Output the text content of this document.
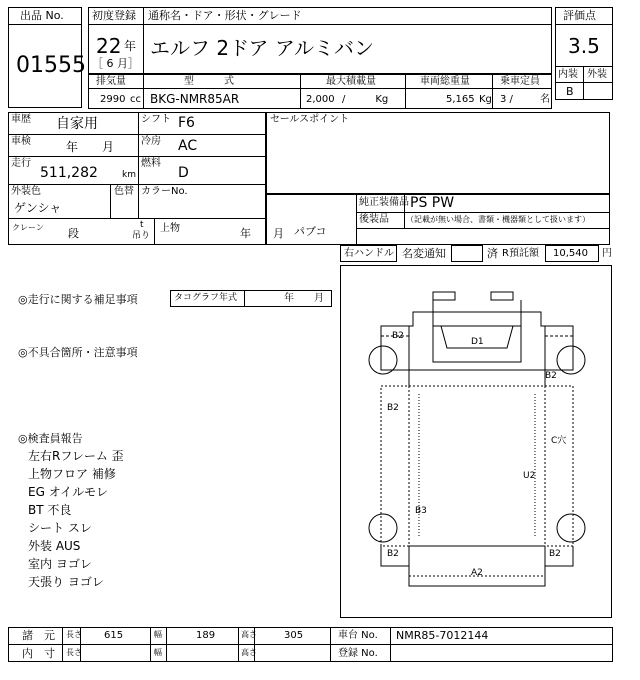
出品 No.
01555
初度登録 通称名・ドア・形状・グレード
22 年
［ 6 月］
エルフ 2ドア アルミバン
評価点
3.5
内装 外装
B
排気量	型　　　式	最大積載量	車両総重量	乗車定員
2990 cc BKG-NMR85AR	2,000 /　　　Kg	5,165 Kg 3 /	名
車歴 自家用	シフト F6
車検	年　　月	冷房 AC
走行
511,282	km
燃料
D
外装色
ゲンシャ
色替 カラーNo.
クレーン 段
t
吊り
上物	年　　月
セールスポイント
パブコ
純正装備品 PS PW
後装品 （記載が無い場合、書類・機器類として扱います）
右ハンドル 名変通知	済 R預託額 10,540 円
◎走行に関する補足事項	タコグラフ年式	年　　月
◎不具合箇所・注意事項
◎検査員報告
左右Rフレーム 歪
上物フロア 補修
EG オイルモレ
BT 不良
シート スレ
外装 AUS
室内 ヨゴレ
天張り ヨゴレ
B2
D1
B2
B2
C穴
U2
B3
B2	B2
A2
諸　元 長さ 615	幅	189	高さ	305	車台 No. NMR85-7012144
内　寸 長さ	幅	高さ	登録 No.
